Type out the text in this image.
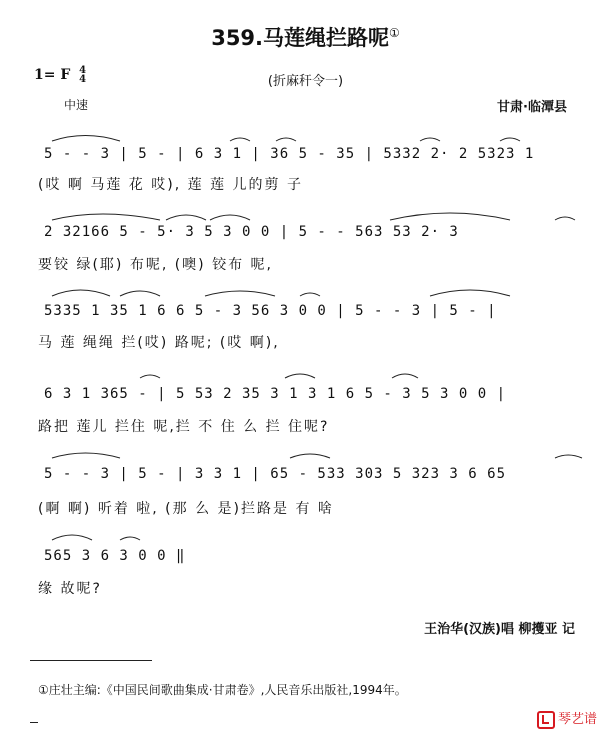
359.马莲绳拦路呢①
1= F 4
4	(折麻秆令一)
中速	甘肃·临潭县
5 - - 3 | 5 - | 6 3 1 | 36 5 - 35 | 5332 2· 2 5323 1
(哎 啊 马莲 花 哎), 莲 莲 儿的剪 子
2 32166 5 - 5· 3 5 3 0 0 | 5 - - 563 53 2· 3
要铰 绿(耶) 布呢, (噢) 铰布 呢,
5335 1 35 1 6 6 5 - 3 56 3 0 0 | 5 - - 3 | 5 - |
马 莲 绳绳 拦(哎) 路呢; (哎 啊),
6 3 1 365 - | 5 53 2 35 3 1 3 1 6 5 - 3 5 3 0 0 |
路把 莲儿 拦住 呢,拦 不 住 么 拦 住呢?
5 - - 3 | 5 - | 3 3 1 | 65 - 533 303 5 323 3 6 65
(啊 啊) 听着 啦, (那 么 是)拦路是 有 啥
565 3 6 3 0 0 ‖
缘 故呢?
王治华(汉族)唱 柳擭亚 记
①庄壮主编:《中国民间歌曲集成·甘肃卷》,人民音乐出版社,1994年。
琴艺谱
